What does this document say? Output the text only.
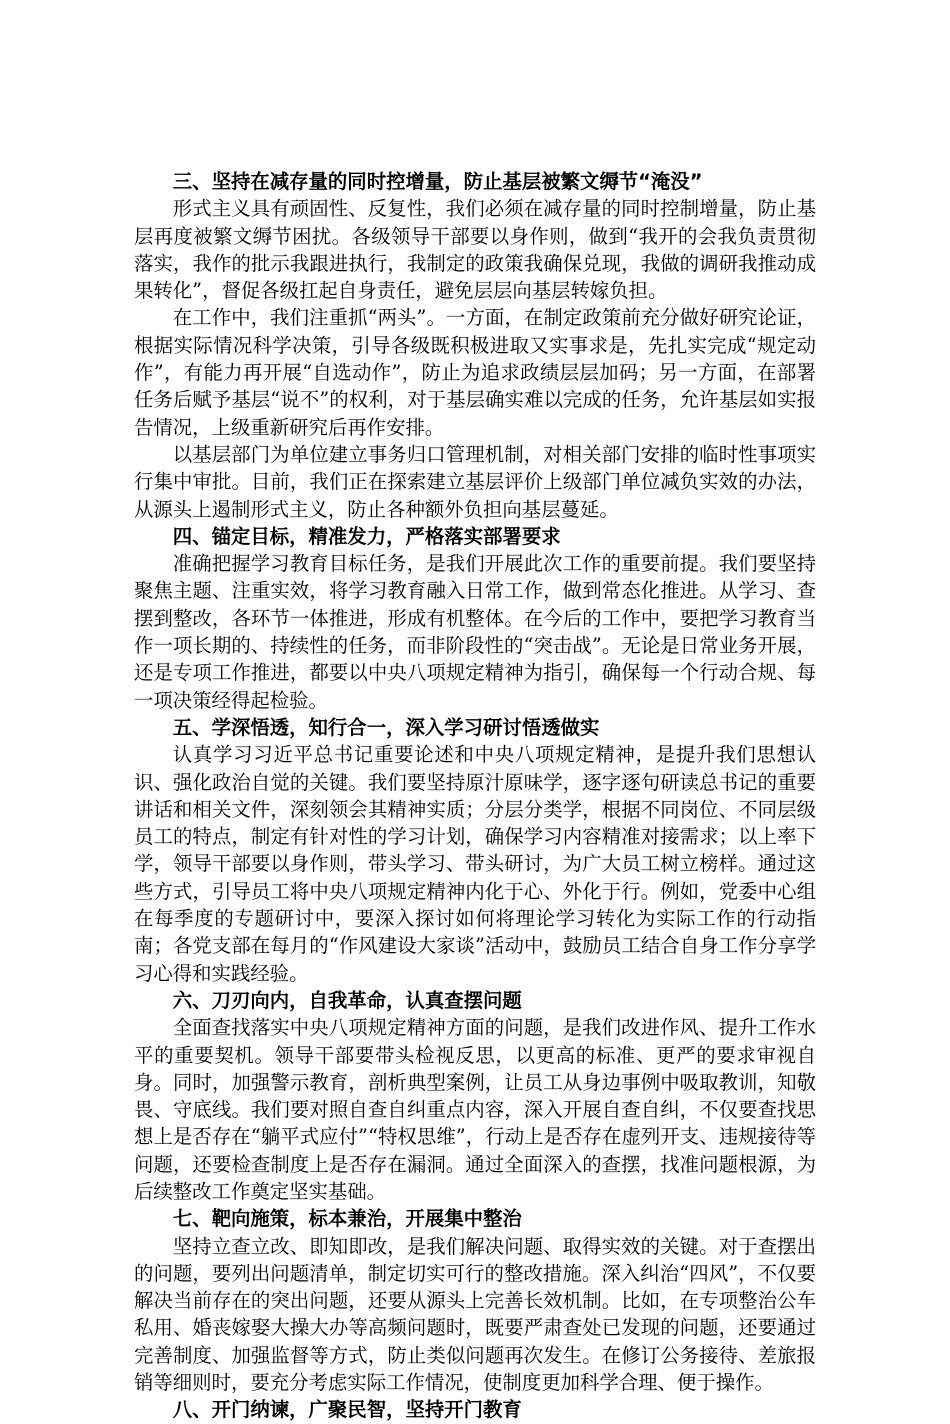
三、坚持在减存量的同时控增量，防止基层被繁文缛节“淹没”

形式主义具有顽固性、反复性，我们必须在减存量的同时控制增量，防止基层再度被繁文缛节困扰。各级领导干部要以身作则，做到“我开的会我负责贯彻落实，我作的批示我跟进执行，我制定的政策我确保兑现，我做的调研我推动成果转化”，督促各级扛起自身责任，避免层层向基层转嫁负担。

在工作中，我们注重抓“两头”。一方面，在制定政策前充分做好研究论证，根据实际情况科学决策，引导各级既积极进取又实事求是，先扎实完成“规定动作”，有能力再开展“自选动作”，防止为追求政绩层层加码；另一方面，在部署任务后赋予基层“说不”的权利，对于基层确实难以完成的任务，允许基层如实报告情况，上级重新研究后再作安排。

以基层部门为单位建立事务归口管理机制，对相关部门安排的临时性事项实行集中审批。目前，我们正在探索建立基层评价上级部门单位减负实效的办法，从源头上遏制形式主义，防止各种额外负担向基层蔓延。

四、锚定目标，精准发力，严格落实部署要求

准确把握学习教育目标任务，是我们开展此次工作的重要前提。我们要坚持聚焦主题、注重实效，将学习教育融入日常工作，做到常态化推进。从学习、查摆到整改，各环节一体推进，形成有机整体。在今后的工作中，要把学习教育当作一项长期的、持续性的任务，而非阶段性的“突击战”。无论是日常业务开展，还是专项工作推进，都要以中央八项规定精神为指引，确保每一个行动合规、每一项决策经得起检验。

五、学深悟透，知行合一，深入学习研讨悟透做实

认真学习习近平总书记重要论述和中央八项规定精神，是提升我们思想认识、强化政治自觉的关键。我们要坚持原汁原味学，逐字逐句研读总书记的重要讲话和相关文件，深刻领会其精神实质；分层分类学，根据不同岗位、不同层级员工的特点，制定有针对性的学习计划，确保学习内容精准对接需求；以上率下学，领导干部要以身作则，带头学习、带头研讨，为广大员工树立榜样。通过这些方式，引导员工将中央八项规定精神内化于心、外化于行。例如，党委中心组在每季度的专题研讨中，要深入探讨如何将理论学习转化为实际工作的行动指南；各党支部在每月的“作风建设大家谈”活动中，鼓励员工结合自身工作分享学习心得和实践经验。

六、刀刃向内，自我革命，认真查摆问题

全面查找落实中央八项规定精神方面的问题，是我们改进作风、提升工作水平的重要契机。领导干部要带头检视反思，以更高的标准、更严的要求审视自身。同时，加强警示教育，剖析典型案例，让员工从身边事例中吸取教训，知敬畏、守底线。我们要对照自查自纠重点内容，深入开展自查自纠，不仅要查找思想上是否存在“躺平式应付”“特权思维”，行动上是否存在虚列开支、违规接待等问题，还要检查制度上是否存在漏洞。通过全面深入的查摆，找准问题根源，为后续整改工作奠定坚实基础。

七、靶向施策，标本兼治，开展集中整治

坚持立查立改、即知即改，是我们解决问题、取得实效的关键。对于查摆出的问题，要列出问题清单，制定切实可行的整改措施。深入纠治“四风”，不仅要解决当前存在的突出问题，还要从源头上完善长效机制。比如，在专项整治公车私用、婚丧嫁娶大操大办等高频问题时，既要严肃查处已发现的问题，还要通过完善制度、加强监督等方式，防止类似问题再次发生。在修订公务接待、差旅报销等细则时，要充分考虑实际工作情况，使制度更加科学合理、便于操作。

八、开门纳谏，广聚民智，坚持开门教育
